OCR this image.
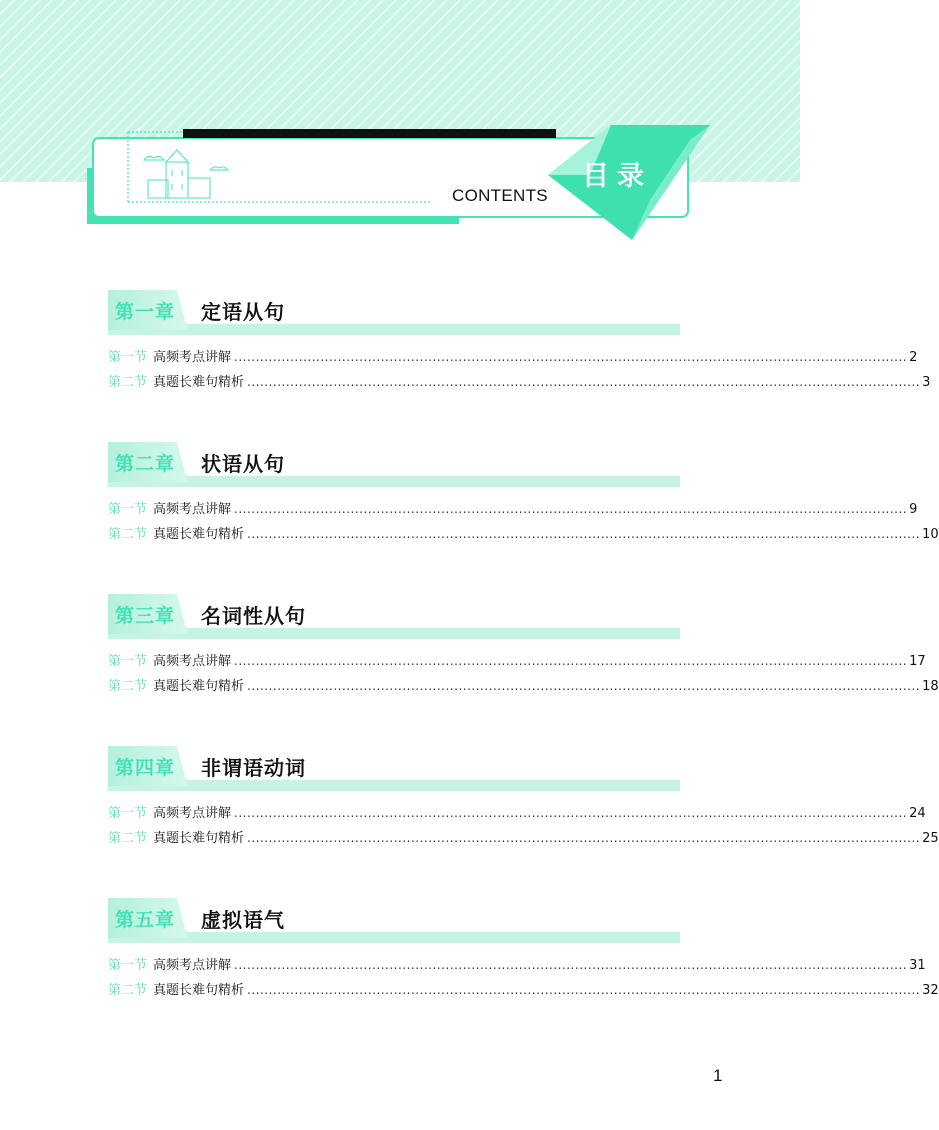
CONTENTS
目录
第一章 定语从句
第一节 高频考点讲解 ............................................................................................................................................................ 2
第二节 真题长难句精析 ............................................................................................................................................................ 3
第二章 状语从句
第一节 高频考点讲解 ............................................................................................................................................................ 9
第二节 真题长难句精析 ............................................................................................................................................................ 10
第三章 名词性从句
第一节 高频考点讲解 ............................................................................................................................................................ 17
第二节 真题长难句精析 ............................................................................................................................................................ 18
第四章 非谓语动词
第一节 高频考点讲解 ............................................................................................................................................................ 24
第二节 真题长难句精析 ............................................................................................................................................................ 25
第五章 虚拟语气
第一节 高频考点讲解 ............................................................................................................................................................ 31
第二节 真题长难句精析 ............................................................................................................................................................ 32
1
